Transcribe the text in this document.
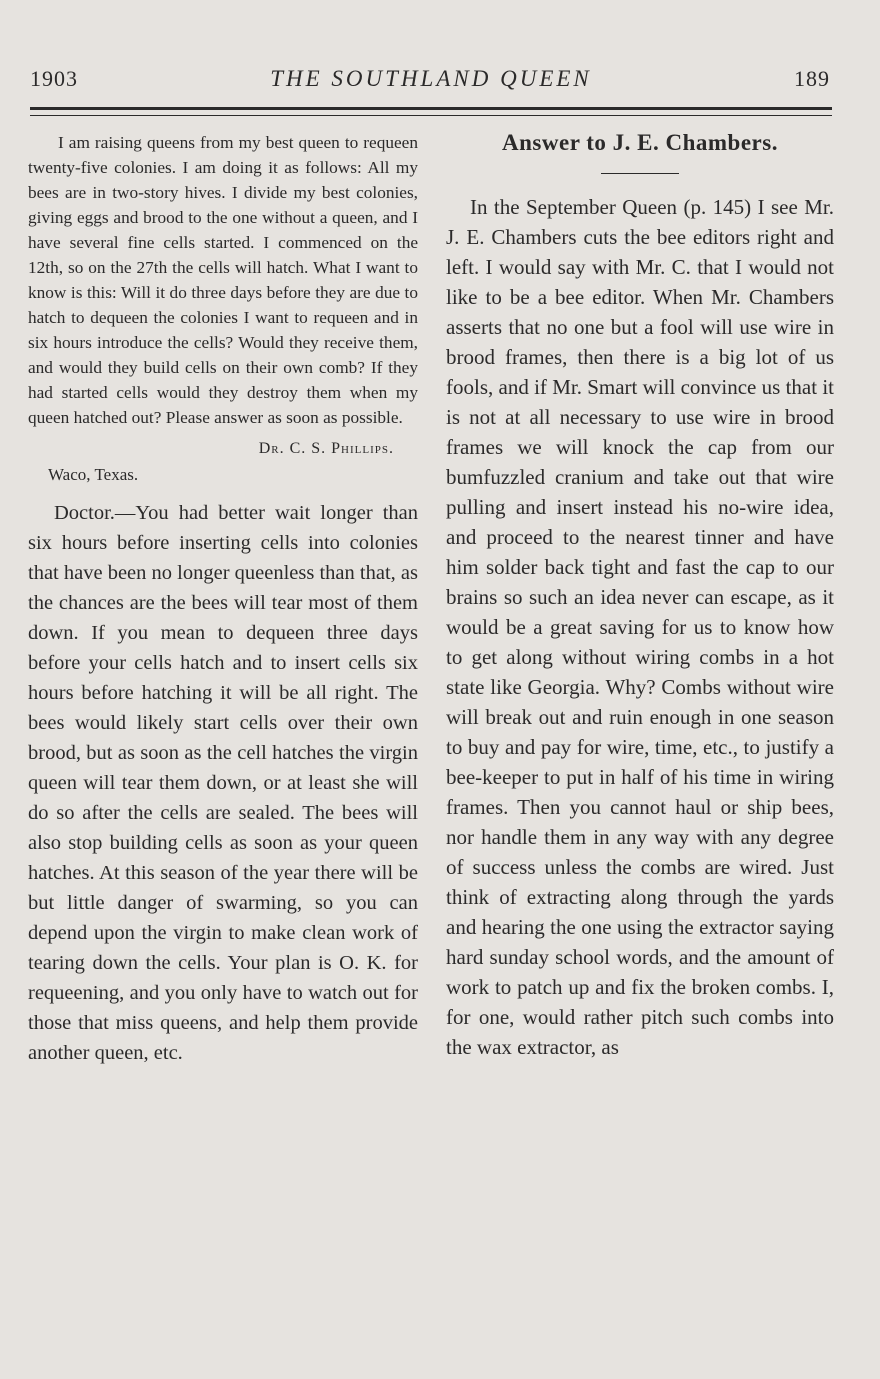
1903	THE SOUTHLAND QUEEN	189

I am raising queens from my best queen to requeen twenty-five colonies. I am doing it as follows: All my bees are in two-story hives. I divide my best colonies, giving eggs and brood to the one without a queen, and I have several fine cells started. I commenced on the 12th, so on the 27th the cells will hatch. What I want to know is this: Will it do three days before they are due to hatch to dequeen the colonies I want to requeen and in six hours introduce the cells? Would they receive them, and would they build cells on their own comb? If they had started cells would they destroy them when my queen hatched out? Please answer as soon as possible.

Dr. C. S. Phillips.
Waco, Texas.

Doctor.—You had better wait longer than six hours before inserting cells into colonies that have been no longer queenless than that, as the chances are the bees will tear most of them down. If you mean to dequeen three days before your cells hatch and to insert cells six hours before hatching it will be all right. The bees would likely start cells over their own brood, but as soon as the cell hatches the virgin queen will tear them down, or at least she will do so after the cells are sealed. The bees will also stop building cells as soon as your queen hatches. At this season of the year there will be but little danger of swarming, so you can depend upon the virgin to make clean work of tearing down the cells. Your plan is O. K. for requeening, and you only have to watch out for those that miss queens, and help them provide another queen, etc.

Answer to J. E. Chambers.

In the September Queen (p. 145) I see Mr. J. E. Chambers cuts the bee editors right and left. I would say with Mr. C. that I would not like to be a bee editor. When Mr. Chambers asserts that no one but a fool will use wire in brood frames, then there is a big lot of us fools, and if Mr. Smart will convince us that it is not at all necessary to use wire in brood frames we will knock the cap from our bumfuzzled cranium and take out that wire pulling and insert instead his no-wire idea, and proceed to the nearest tinner and have him solder back tight and fast the cap to our brains so such an idea never can escape, as it would be a great saving for us to know how to get along without wiring combs in a hot state like Georgia. Why? Combs without wire will break out and ruin enough in one season to buy and pay for wire, time, etc., to justify a bee-keeper to put in half of his time in wiring frames. Then you cannot haul or ship bees, nor handle them in any way with any degree of success unless the combs are wired. Just think of extracting along through the yards and hearing the one using the extractor saying hard sunday school words, and the amount of work to patch up and fix the broken combs. I, for one, would rather pitch such combs into the wax extractor, as
